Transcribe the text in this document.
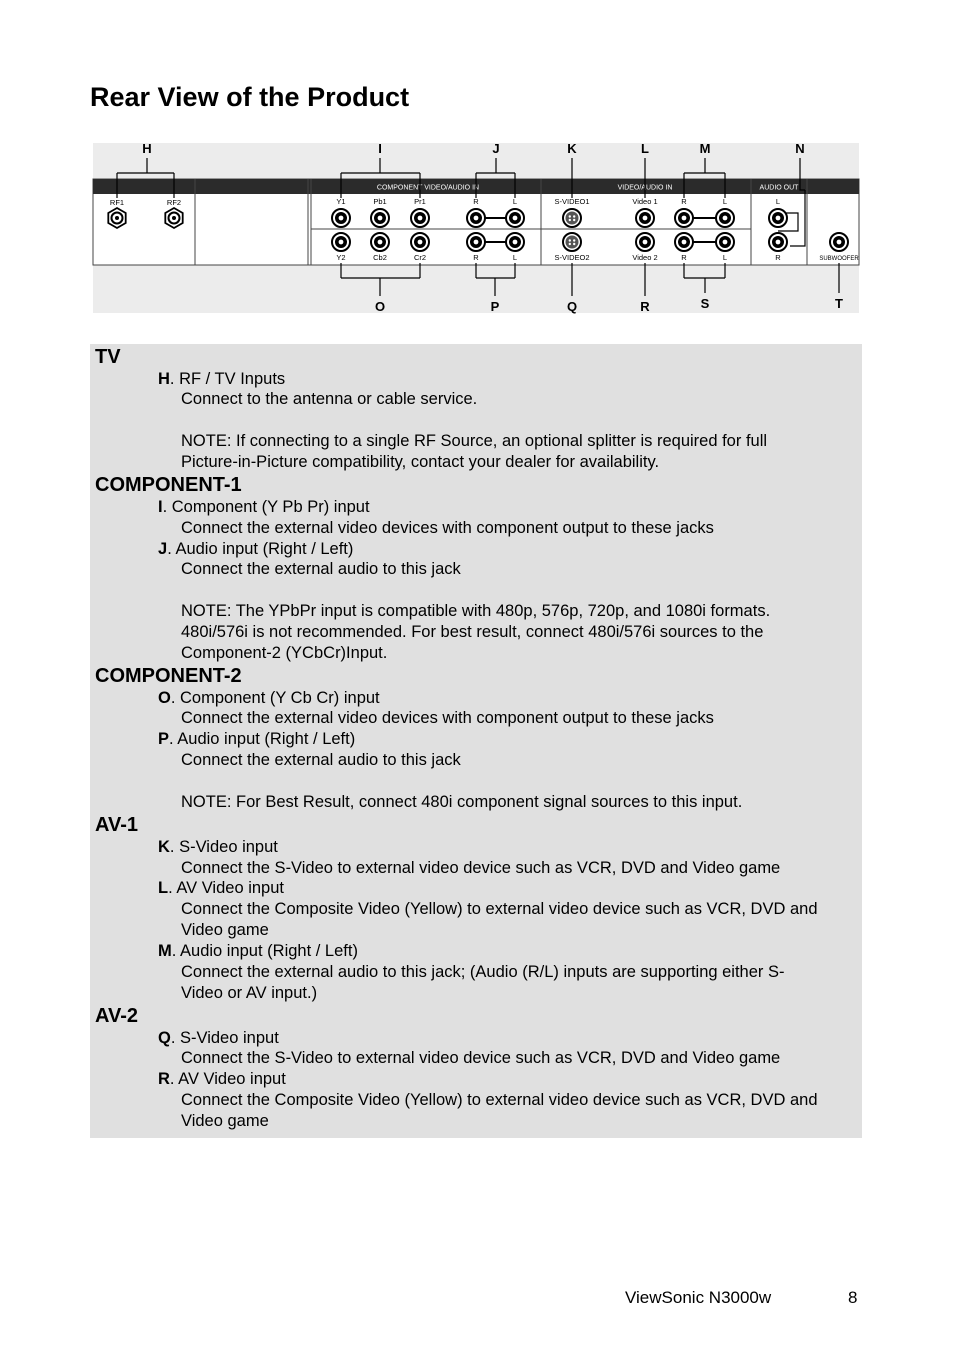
Rear View of the Product
COMPONENT VIDEO/AUDIO IN	VIDEO/AUDIO IN	AUDIO OUT
H	I	J	K	L	M	N
O	P	Q	R	S	T
RF1	RF2	Y1	Pb1	Pr1	R	L	S-VIDEO1	Video 1	R	L	L
Y2	Cb2	Cr2	R	L	S-VIDEO2	Video 2	R	L	R	SUBWOOFER
TV
H. RF / TV Inputs
Connect to the antenna or cable service.
NOTE: If connecting to a single RF Source, an optional splitter is required for full
Picture-in-Picture compatibility, contact your dealer for availability.
COMPONENT-1
I. Component (Y Pb Pr) input
Connect the external video devices with component output to these jacks
J. Audio input (Right / Left)
Connect the external audio to this jack
NOTE: The YPbPr input is compatible with 480p, 576p, 720p, and 1080i formats.
480i/576i is not recommended. For best result, connect 480i/576i sources to the
Component-2 (YCbCr)Input.
COMPONENT-2
O. Component (Y Cb Cr) input
Connect the external video devices with component output to these jacks
P. Audio input (Right / Left)
Connect the external audio to this jack
NOTE: For Best Result, connect 480i component signal sources to this input.
AV-1
K. S-Video input
Connect the S-Video to external video device such as VCR, DVD and Video game
L. AV Video input
Connect the Composite Video (Yellow) to external video device such as VCR, DVD and
Video game
M. Audio input (Right / Left)
Connect the external audio to this jack; (Audio (R/L) inputs are supporting either S-
Video or AV input.)
AV-2
Q. S-Video input
Connect the S-Video to external video device such as VCR, DVD and Video game
R. AV Video input
Connect the Composite Video (Yellow) to external video device such as VCR, DVD and
Video game
ViewSonic N3000w	8
